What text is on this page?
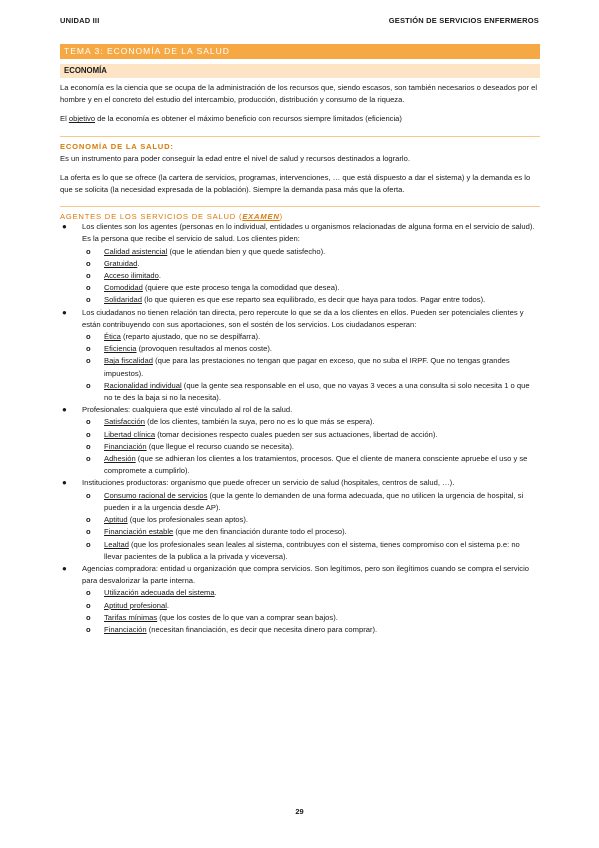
UNIDAD III	GESTIÓN DE SERVICIOS ENFERMEROS
TEMA 3: ECONOMÍA DE LA SALUD
ECONOMÍA

La economía es la ciencia que se ocupa de la administración de los recursos que, siendo escasos, son también necesarios o deseados por el hombre y en el concreto del estudio del intercambio, producción, distribución y consumo de la riqueza.

El objetivo de la economía es obtener el máximo beneficio con recursos siempre limitados (eficiencia)

ECONOMÍA DE LA SALUD:

Es un instrumento para poder conseguir la edad entre el nivel de salud y recursos destinados a lograrlo.

La oferta es lo que se ofrece (la cartera de servicios, programas, intervenciones, … que está dispuesto a dar el sistema) y la demanda es lo que se solicita (la necesidad expresada de la población). Siempre la demanda pasa más que la oferta.

AGENTES DE LOS SERVICIOS DE SALUD (EXAMEN)
● Los clientes son los agentes (personas en lo individual, entidades u organismos relacionadas de alguna forma en el servicio de salud). Es la persona que recibe el servicio de salud. Los clientes piden:
o Calidad asistencial (que le atiendan bien y que quede satisfecho).
o Gratuidad.
o Acceso ilimitado.
o Comodidad (quiere que este proceso tenga la comodidad que desea).
o Solidaridad (lo que quieren es que ese reparto sea equilibrado, es decir que haya para todos. Pagar entre todos).
● Los ciudadanos no tienen relación tan directa, pero repercute lo que se da a los clientes en ellos. Pueden ser potenciales clientes y están contribuyendo con sus aportaciones, son el sostén de los servicios. Los ciudadanos esperan:
o Ética (reparto ajustado, que no se despilfarra).
o Eficiencia (provoquen resultados al menos coste).
o Baja fiscalidad (que para las prestaciones no tengan que pagar en exceso, que no suba el IRPF. Que no tengas grandes impuestos).
o Racionalidad individual (que la gente sea responsable en el uso, que no vayas 3 veces a una consulta si solo necesita 1 o que no te des la baja si no la necesita).
● Profesionales: cualquiera que esté vinculado al rol de la salud.
o Satisfacción (de los clientes, también la suya, pero no es lo que más se espera).
o Libertad clínica (tomar decisiones respecto cuales pueden ser sus actuaciones, libertad de acción).
o Financiación (que llegue el recurso cuando se necesita).
o Adhesión (que se adhieran los clientes a los tratamientos, procesos. Que el cliente de manera consciente apruebe el uso y se compromete a cumplirlo).
● Instituciones productoras: organismo que puede ofrecer un servicio de salud (hospitales, centros de salud, …).
o Consumo racional de servicios (que la gente lo demanden de una forma adecuada, que no utilicen la urgencia de hospital, si pueden ir a la urgencia desde AP).
o Aptitud (que los profesionales sean aptos).
o Financiación estable (que me den financiación durante todo el proceso).
o Lealtad (que los profesionales sean leales al sistema, contribuyes con el sistema, tienes compromiso con el sistema p.e: no llevar pacientes de la publica a la privada y viceversa).
● Agencias compradora: entidad u organización que compra servicios. Son legítimos, pero son ilegítimos cuando se compra el servicio para desvalorizar la parte interna.
o Utilización adecuada del sistema.
o Aptitud profesional.
o Tarifas mínimas (que los costes de lo que van a comprar sean bajos).
o Financiación (necesitan financiación, es decir que necesita dinero para comprar).
29
